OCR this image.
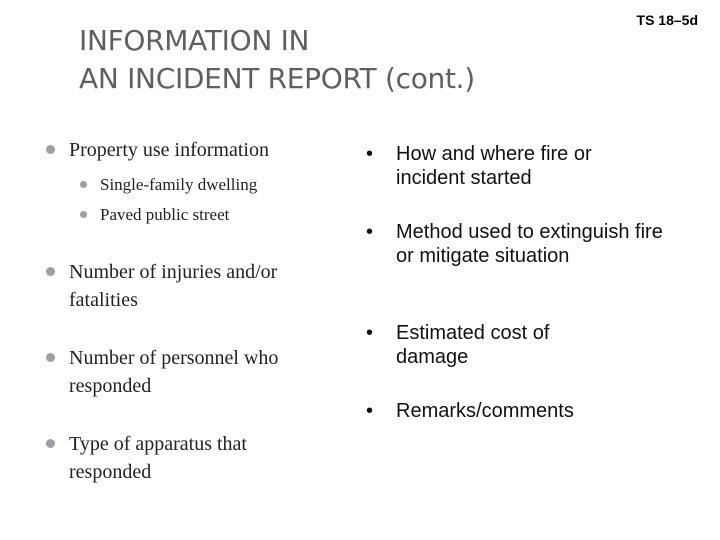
TS 18–5d
INFORMATION IN
AN INCIDENT REPORT (cont.)
Property use information
Single-family dwelling
Paved public street
Number of injuries and/or fatalities
Number of personnel who responded
Type of apparatus that responded
• How and where fire or incident started
• Method used to extinguish fire or mitigate situation
• Estimated cost of damage
• Remarks/comments
